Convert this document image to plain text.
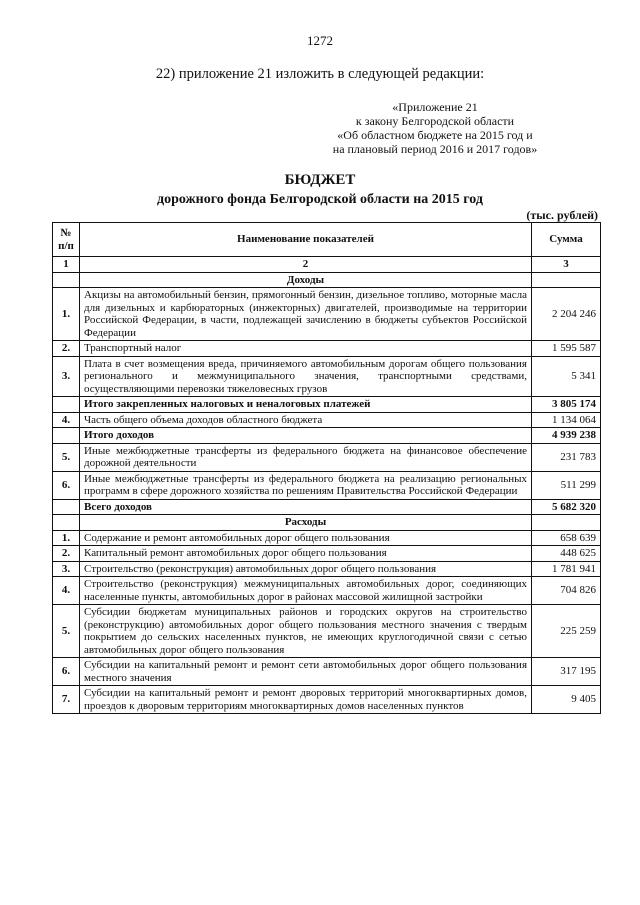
1272
22) приложение 21 изложить в следующей редакции:
«Приложение 21
к закону Белгородской области
«Об областном бюджете на 2015 год и
на плановый период 2016 и 2017 годов»
БЮДЖЕТ
дорожного фонда Белгородской области на 2015 год
(тыс. рублей)
№ п/п	Наименование показателей	Сумма
1	2	3
	Доходы	
1.	Акцизы на автомобильный бензин, прямогонный бензин, дизельное топливо, моторные масла для дизельных и карбюраторных (инжекторных) двигателей, производимые на территории Российской Федерации, в части, подлежащей зачислению в бюджеты субъектов Российской Федерации	2 204 246
2.	Транспортный налог	1 595 587
3.	Плата в счет возмещения вреда, причиняемого автомобильным дорогам общего пользования регионального и межмуниципального значения, транспортными средствами, осуществляющими перевозки тяжеловесных грузов	5 341
	Итого закрепленных налоговых и неналоговых платежей	3 805 174
4.	Часть общего объема доходов областного бюджета	1 134 064
	Итого доходов	4 939 238
5.	Иные межбюджетные трансферты из федерального бюджета на финансовое обеспечение дорожной деятельности	231 783
6.	Иные межбюджетные трансферты из федерального бюджета на реализацию региональных программ в сфере дорожного хозяйства по решениям Правительства Российской Федерации	511 299
	Всего доходов	5 682 320
	Расходы	
1.	Содержание и ремонт автомобильных дорог общего пользования	658 639
2.	Капитальный ремонт автомобильных дорог общего пользования	448 625
3.	Строительство (реконструкция) автомобильных дорог общего пользования	1 781 941
4.	Строительство (реконструкция) межмуниципальных автомобильных дорог, соединяющих населенные пункты, автомобильных дорог в районах массовой жилищной застройки	704 826
5.	Субсидии бюджетам муниципальных районов и городских округов на строительство (реконструкцию) автомобильных дорог общего пользования местного значения с твердым покрытием до сельских населенных пунктов, не имеющих круглогодичной связи с сетью автомобильных дорог общего пользования	225 259
6.	Субсидии на капитальный ремонт и ремонт сети автомобильных дорог общего пользования местного значения	317 195
7.	Субсидии на капитальный ремонт и ремонт дворовых территорий многоквартирных домов, проездов к дворовым территориям многоквартирных домов населенных пунктов	9 405
